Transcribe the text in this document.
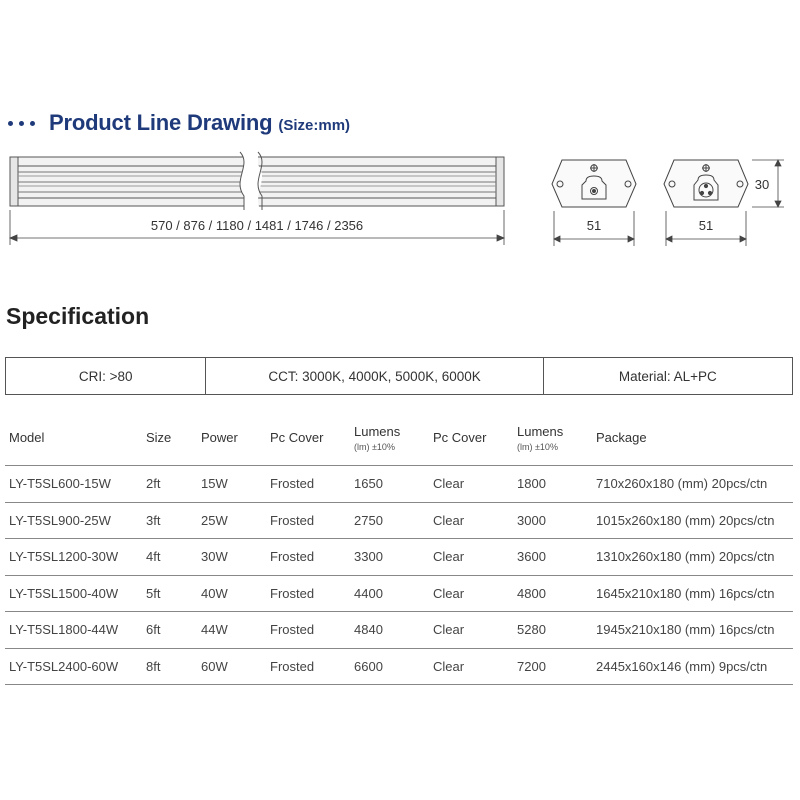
Product Line Drawing (Size:mm)
570 / 876 / 1180 / 1481 / 1746 / 2356	51	51
30
Specification
CRI: >80	CCT: 3000K, 4000K, 5000K, 6000K	Material: AL+PC
Model	Size	Power	Pc Cover	Lumens
(lm) ±10%
Pc Cover	Lumens
(lm) ±10%
Package
LY-T5SL600-15W	2ft	15W	Frosted	1650	Clear	1800	710x260x180 (mm) 20pcs/ctn
LY-T5SL900-25W	3ft	25W	Frosted	2750	Clear	3000	1015x260x180 (mm) 20pcs/ctn
LY-T5SL1200-30W	4ft	30W	Frosted	3300	Clear	3600	1310x260x180 (mm) 20pcs/ctn
LY-T5SL1500-40W	5ft	40W	Frosted	4400	Clear	4800	1645x210x180 (mm) 16pcs/ctn
LY-T5SL1800-44W	6ft	44W	Frosted	4840	Clear	5280	1945x210x180 (mm) 16pcs/ctn
LY-T5SL2400-60W	8ft	60W	Frosted	6600	Clear	7200	2445x160x146 (mm) 9pcs/ctn
